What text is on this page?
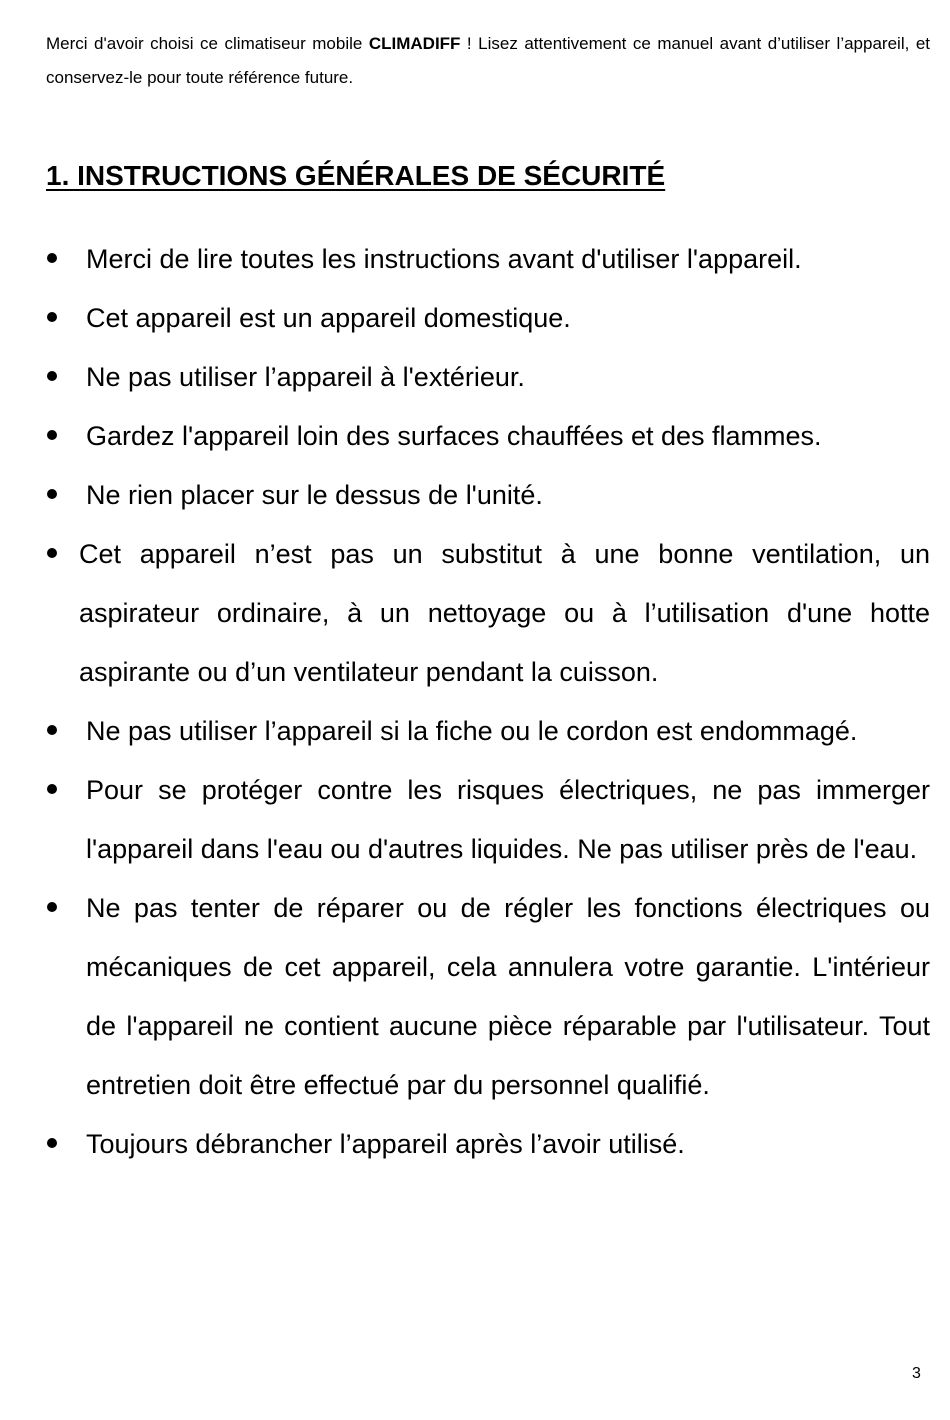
Merci d'avoir choisi ce climatiseur mobile CLIMADIFF ! Lisez attentivement ce manuel avant d’utiliser l’appareil, et conservez-le pour toute référence future.

1. INSTRUCTIONS GÉNÉRALES DE SÉCURITÉ
Merci de lire toutes les instructions avant d'utiliser l'appareil.
Cet appareil est un appareil domestique.
Ne pas utiliser l’appareil à l'extérieur.
Gardez l'appareil loin des surfaces chauffées et des flammes.
Ne rien placer sur le dessus de l'unité.
Cet appareil n’est pas un substitut à une bonne ventilation, un aspirateur ordinaire, à un nettoyage ou à l’utilisation d'une hotte aspirante ou d’un ventilateur pendant la cuisson.
Ne pas utiliser l’appareil si la fiche ou le cordon est endommagé.
Pour se protéger contre les risques électriques, ne pas immerger l'appareil dans l'eau ou d'autres liquides. Ne pas utiliser près de l'eau.
Ne pas tenter de réparer ou de régler les fonctions électriques ou mécaniques de cet appareil, cela annulera votre garantie. L'intérieur de l'appareil ne contient aucune pièce réparable par l'utilisateur. Tout entretien doit être effectué par du personnel qualifié.
Toujours débrancher l’appareil après l’avoir utilisé.
3
